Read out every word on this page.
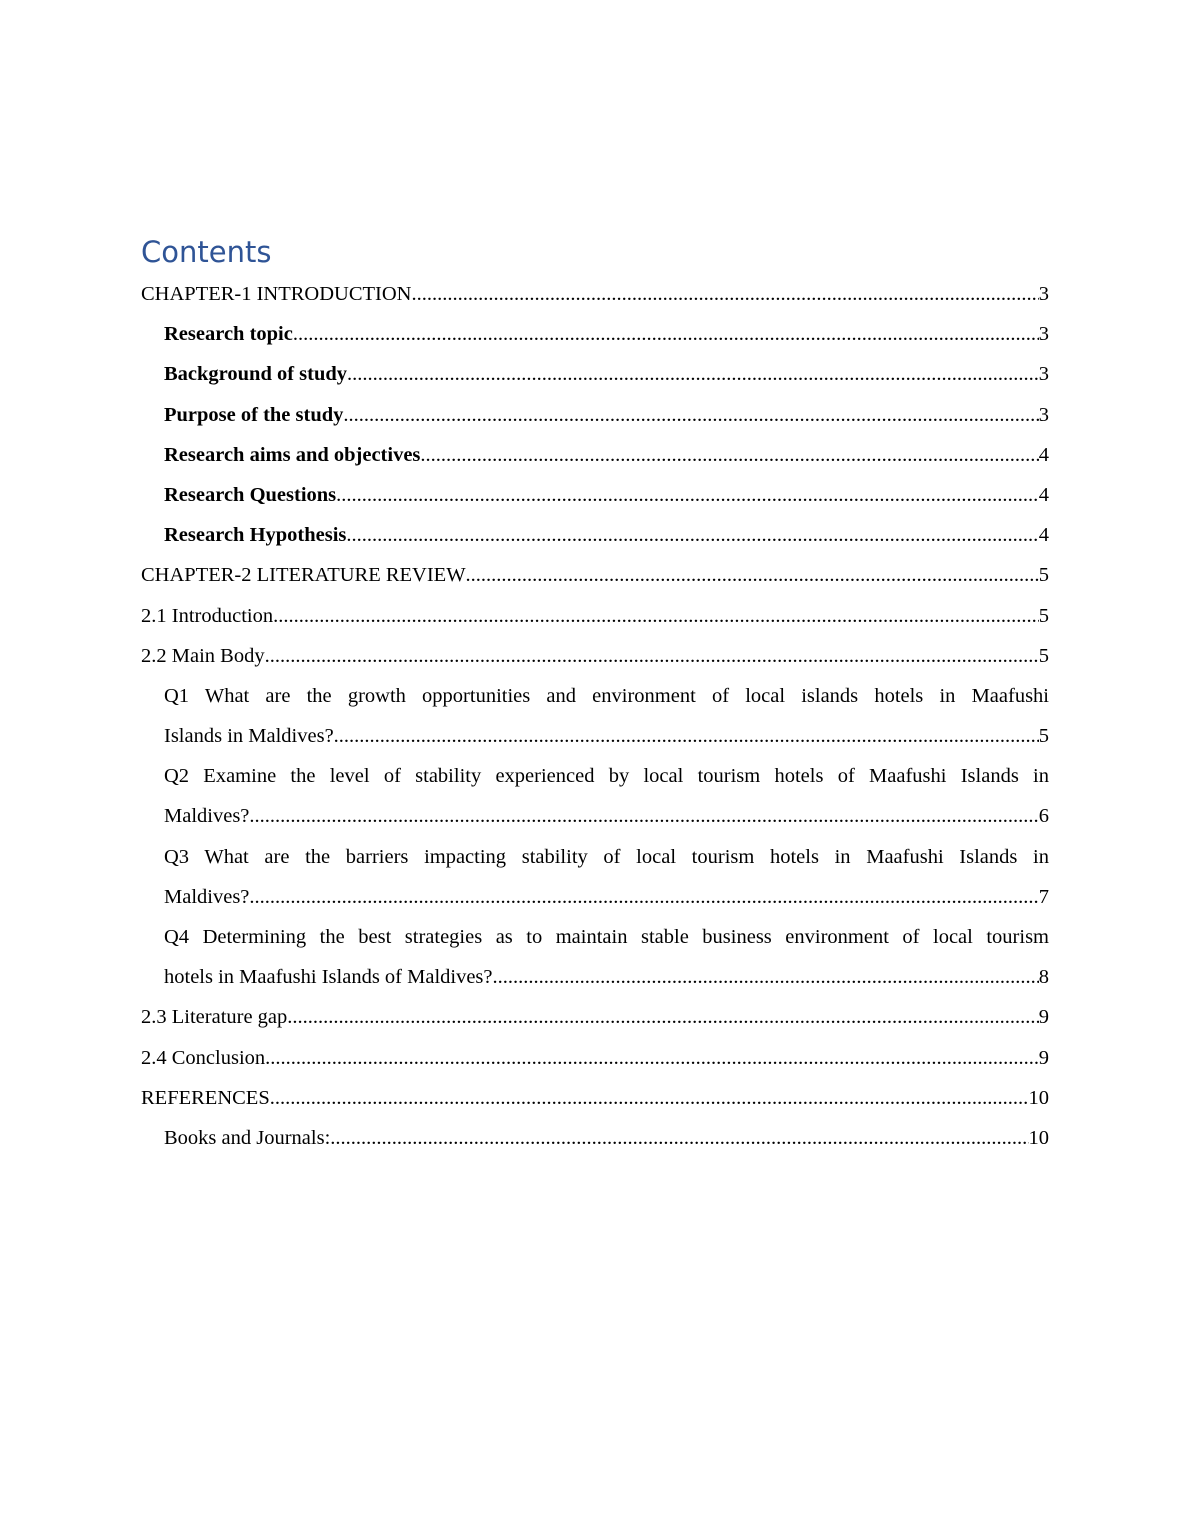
Contents
CHAPTER-1 INTRODUCTION .....	3
Research topic .....	3
Background of study .....	3
Purpose of the study .....	3
Research aims and objectives .....	4
Research Questions .....	4
Research Hypothesis .....	4
CHAPTER-2 LITERATURE REVIEW .....	5
2.1 Introduction .....	5
2.2 Main Body .....	5
Q1 What are the growth opportunities and environment of local islands hotels in Maafushi
Islands in Maldives? .....	5
Q2 Examine the level of stability experienced by local tourism hotels of Maafushi Islands in
Maldives? .....	6
Q3 What are the barriers impacting stability of local tourism hotels in Maafushi Islands in
Maldives? .....	7
Q4 Determining the best strategies as to maintain stable business environment of local tourism
hotels in Maafushi Islands of Maldives? .....	8
2.3 Literature gap .....	9
2.4 Conclusion .....	9
REFERENCES .....	10
Books and Journals: .....	10
